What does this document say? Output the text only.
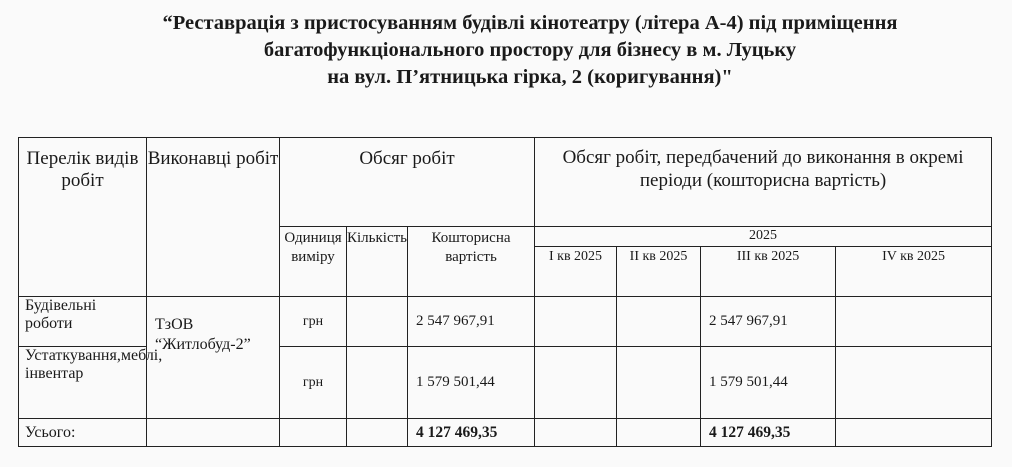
“Реставрація з пристосуванням будівлі кінотеатру (літера А-4) під приміщення
багатофункціонального простору для бізнесу в м. Луцьку
на вул. П’ятницька гірка, 2 (коригування)"
Перелік видів робіт	Виконавці робіт	Обсяг робіт			Обсяг робіт, передбачений до виконання в окремі періоди (кошторисна вартість)			
		Одиниця виміру	Кількість	Кошторисна вартість	2025			
					I кв 2025	II кв 2025	III кв 2025	IV кв 2025
Будівельні роботи	ТзОВ “Житлобуд-2”	грн		2 547 967,91			2 547 967,91	
Устаткування,меблі, інвентар		грн		1 579 501,44			1 579 501,44	
Усього:				4 127 469,35			4 127 469,35	
